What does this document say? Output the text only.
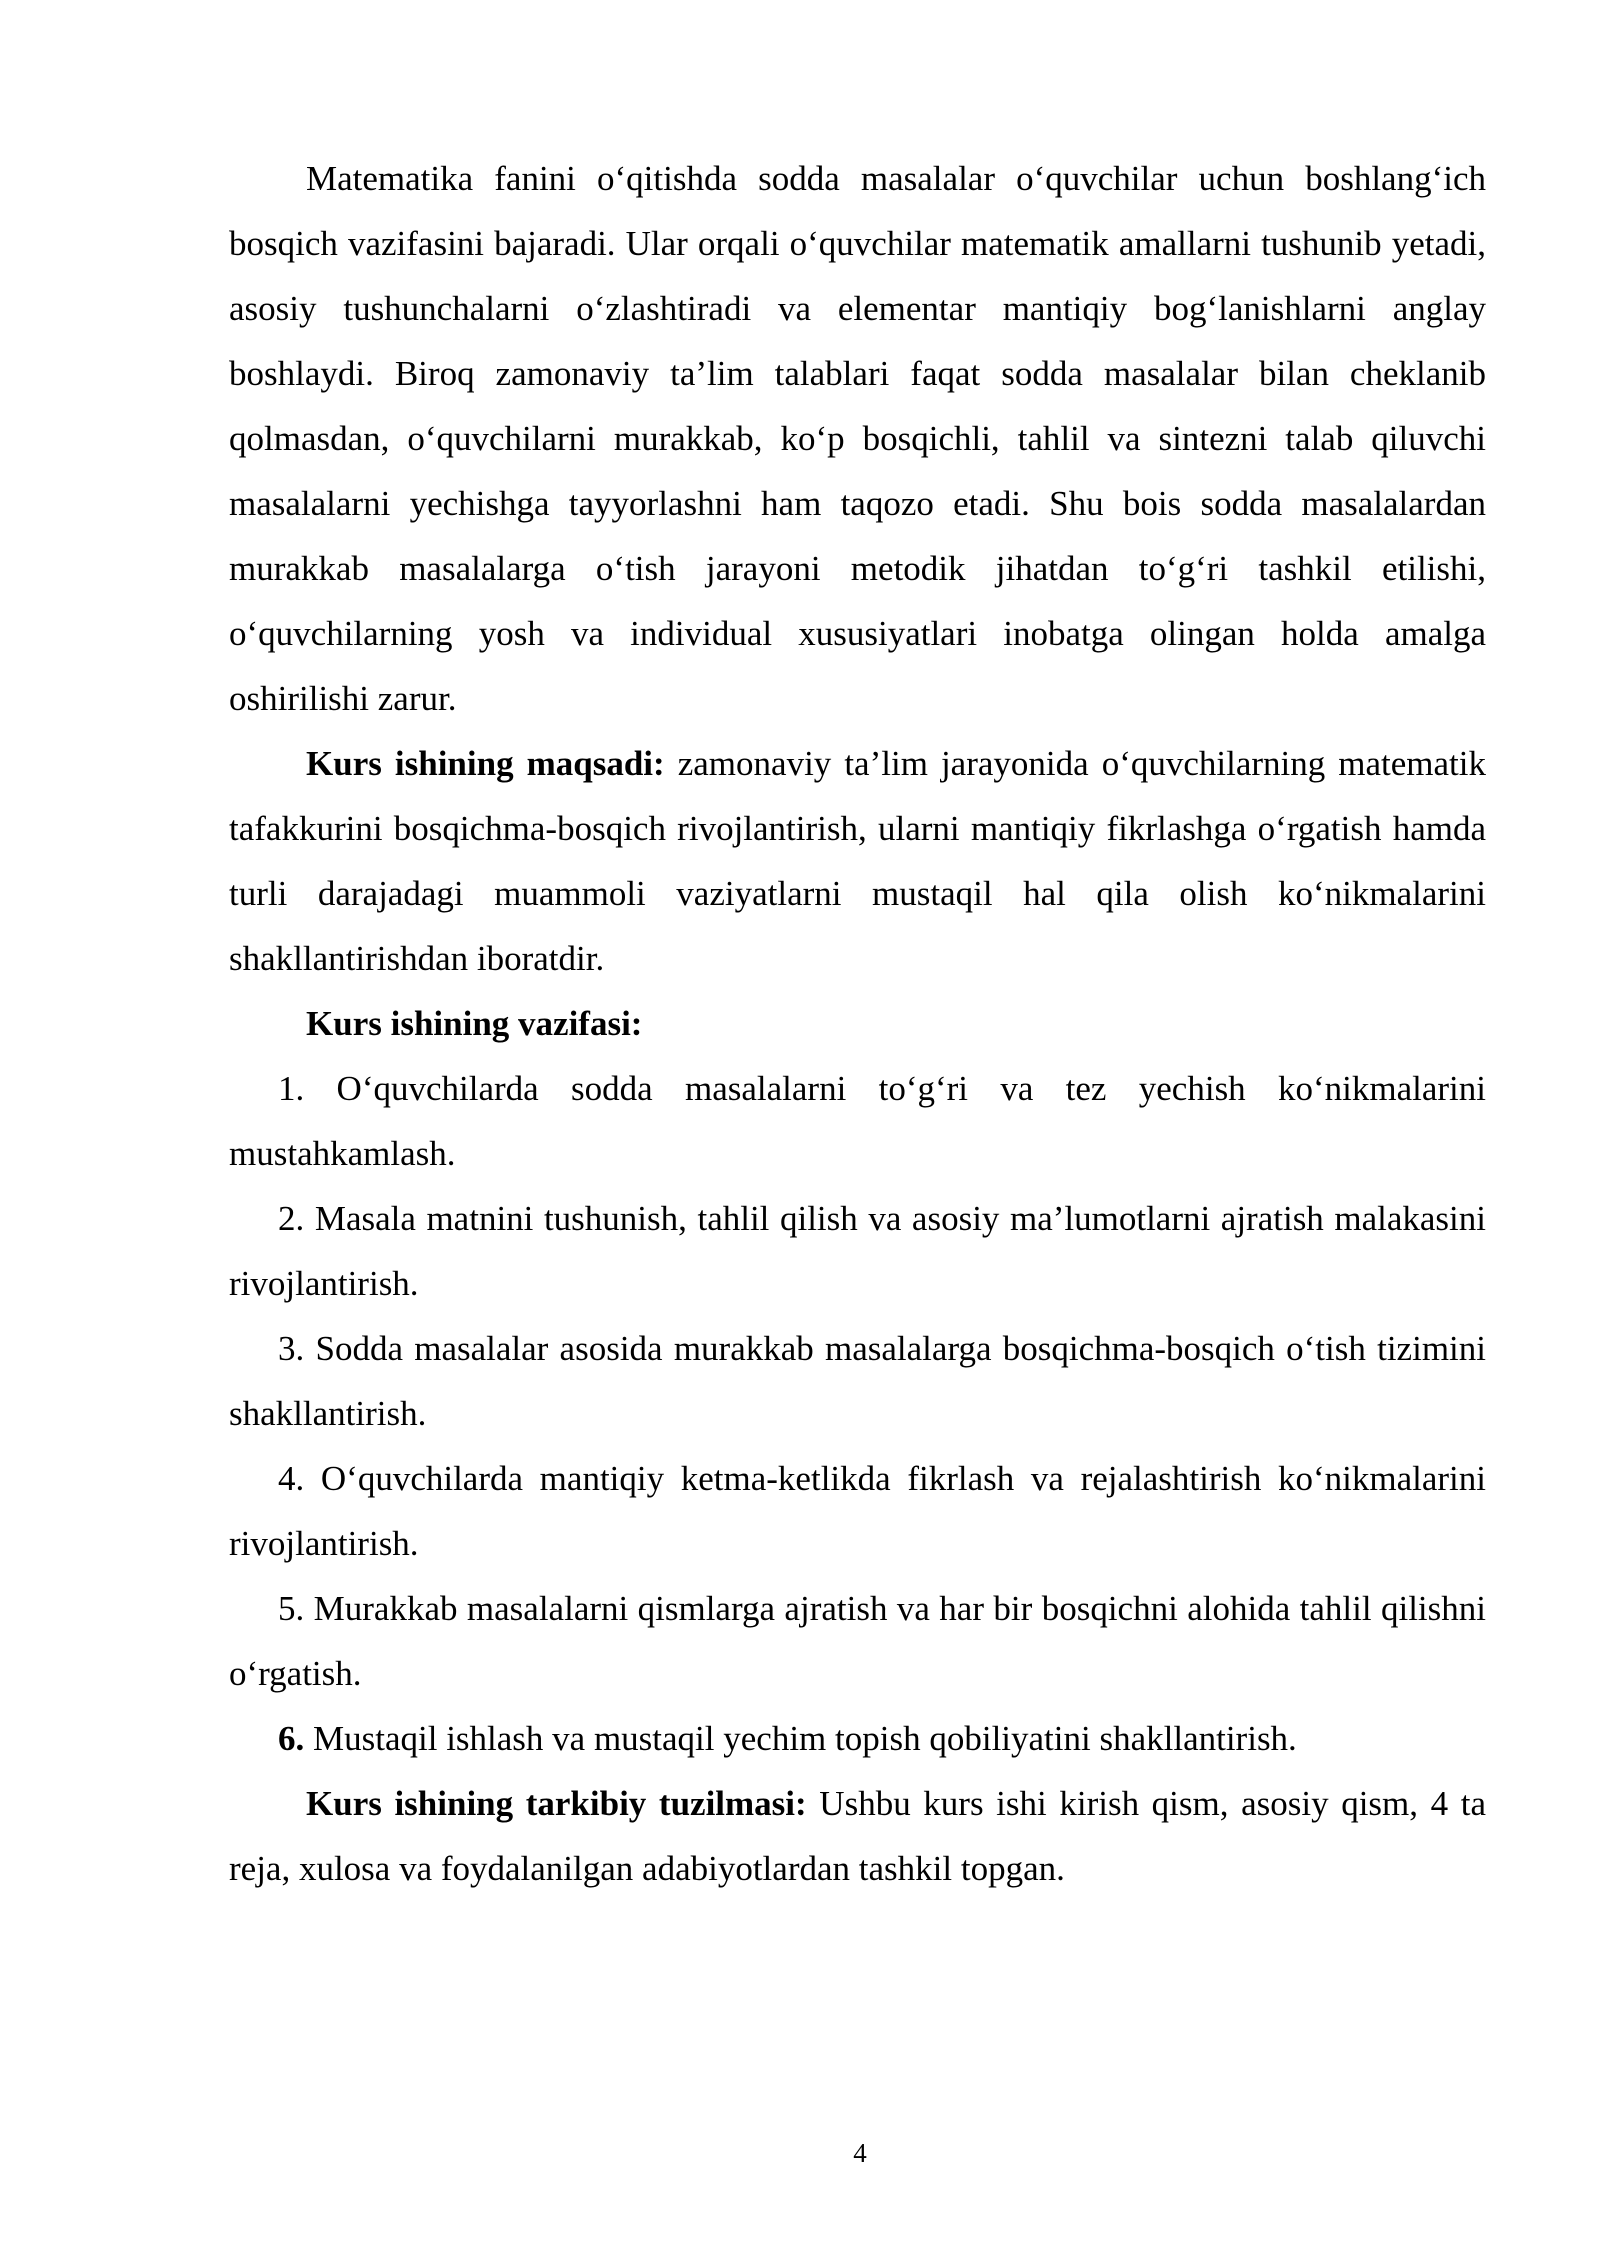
Matematika fanini o‘qitishda sodda masalalar o‘quvchilar uchun boshlang‘ich bosqich vazifasini bajaradi. Ular orqali o‘quvchilar matematik amallarni tushunib yetadi, asosiy tushunchalarni o‘zlashtiradi va elementar mantiqiy bog‘lanishlarni anglay boshlaydi. Biroq zamonaviy ta’lim talablari faqat sodda masalalar bilan cheklanib qolmasdan, o‘quvchilarni murakkab, ko‘p bosqichli, tahlil va sintezni talab qiluvchi masalalarni yechishga tayyorlashni ham taqozo etadi. Shu bois sodda masalalardan murakkab masalalarga o‘tish jarayoni metodik jihatdan to‘g‘ri tashkil etilishi, o‘quvchilarning yosh va individual xususiyatlari inobatga olingan holda amalga oshirilishi zarur.

Kurs ishining maqsadi: zamonaviy ta’lim jarayonida o‘quvchilarning matematik tafakkurini bosqichma-bosqich rivojlantirish, ularni mantiqiy fikrlashga o‘rgatish hamda turli darajadagi muammoli vaziyatlarni mustaqil hal qila olish ko‘nikmalarini shakllantirishdan iboratdir.

Kurs ishining vazifasi:

1. O‘quvchilarda sodda masalalarni to‘g‘ri va tez yechish ko‘nikmalarini mustahkamlash.

2. Masala matnini tushunish, tahlil qilish va asosiy ma’lumotlarni ajratish malakasini rivojlantirish.

3. Sodda masalalar asosida murakkab masalalarga bosqichma-bosqich o‘tish tizimini shakllantirish.

4. O‘quvchilarda mantiqiy ketma-ketlikda fikrlash va rejalashtirish ko‘nikmalarini rivojlantirish.

5. Murakkab masalalarni qismlarga ajratish va har bir bosqichni alohida tahlil qilishni o‘rgatish.

6. Mustaqil ishlash va mustaqil yechim topish qobiliyatini shakllantirish.

Kurs ishining tarkibiy tuzilmasi: Ushbu kurs ishi kirish qism, asosiy qism, 4 ta reja, xulosa va foydalanilgan adabiyotlardan tashkil topgan.

4
